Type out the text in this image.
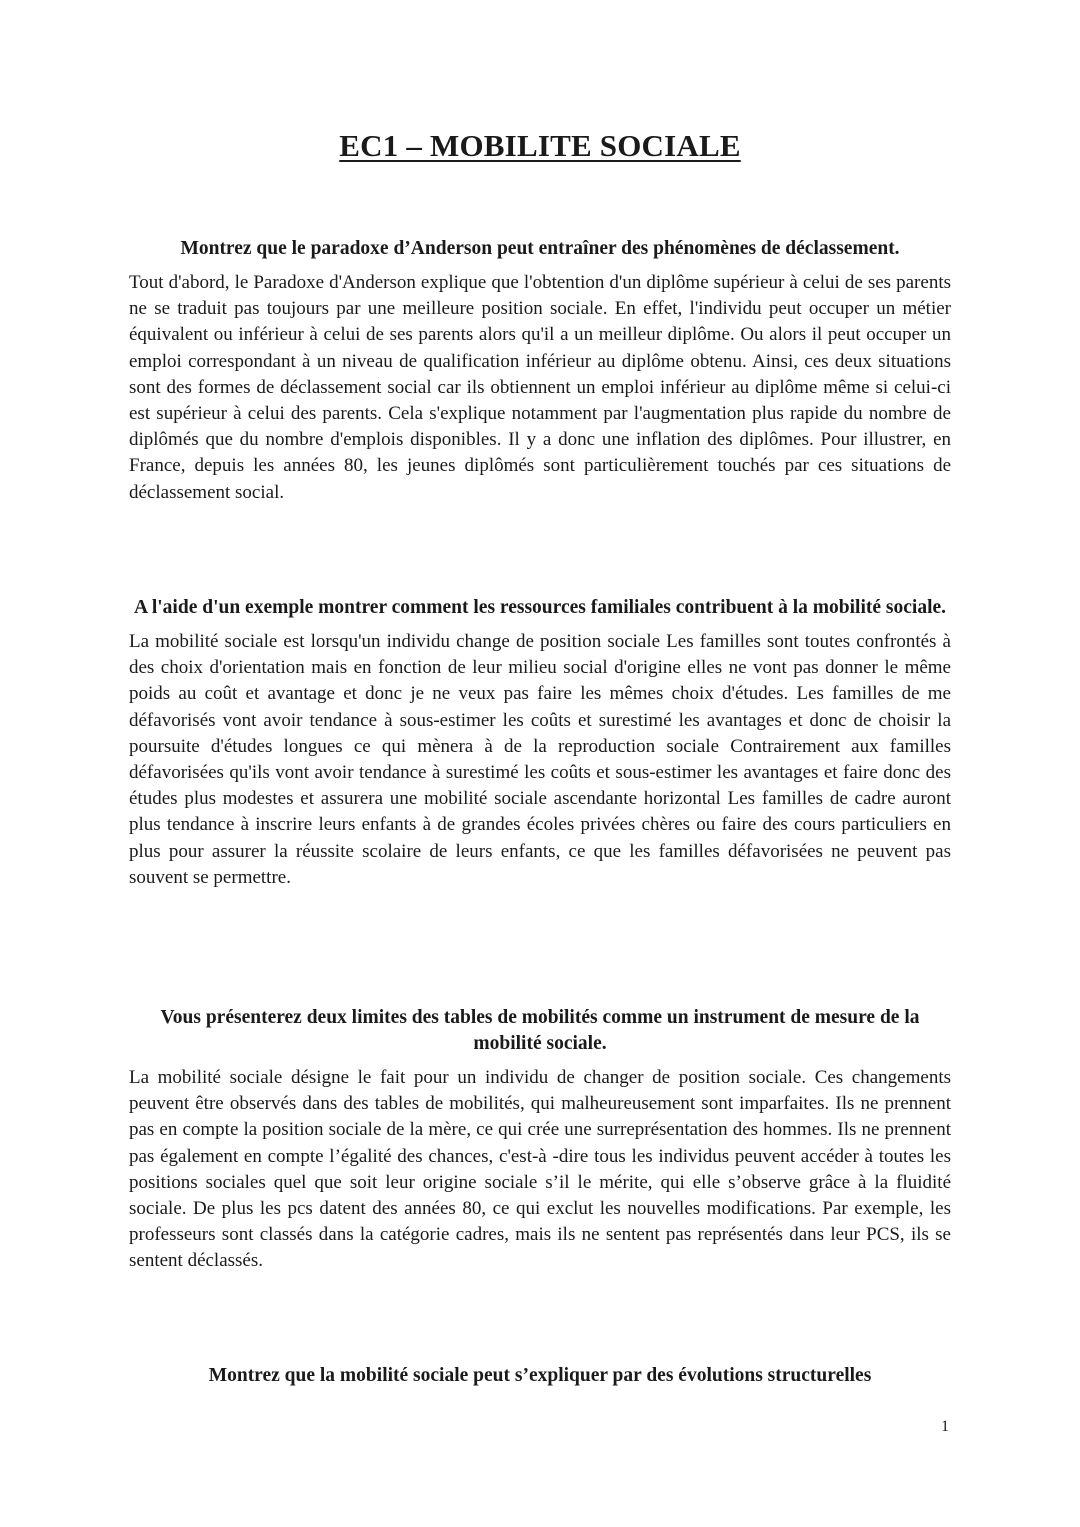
EC1 – MOBILITE SOCIALE

Montrez que le paradoxe d’Anderson peut entraîner des phénomènes de déclassement.

Tout d'abord, le Paradoxe d'Anderson explique que l'obtention d'un diplôme supérieur à celui de ses parents ne se traduit pas toujours par une meilleure position sociale. En effet, l'individu peut occuper un métier équivalent ou inférieur à celui de ses parents alors qu'il a un meilleur diplôme. Ou alors il peut occuper un emploi correspondant à un niveau de qualification inférieur au diplôme obtenu. Ainsi, ces deux situations sont des formes de déclassement social car ils obtiennent un emploi inférieur au diplôme même si celui-ci est supérieur à celui des parents. Cela s'explique notamment par l'augmentation plus rapide du nombre de diplômés que du nombre d'emplois disponibles. Il y a donc une inflation des diplômes. Pour illustrer, en France, depuis les années 80, les jeunes diplômés sont particulièrement touchés par ces situations de déclassement social.

A l'aide d'un exemple montrer comment les ressources familiales contribuent à la mobilité sociale.

La mobilité sociale est lorsqu'un individu change de position sociale Les familles sont toutes confrontés à des choix d'orientation mais en fonction de leur milieu social d'origine elles ne vont pas donner le même poids au coût et avantage et donc je ne veux pas faire les mêmes choix d'études. Les familles de me défavorisés vont avoir tendance à sous-estimer les coûts et surestimé les avantages et donc de choisir la poursuite d'études longues ce qui mènera à de la reproduction sociale Contrairement aux familles défavorisées qu'ils vont avoir tendance à surestimé les coûts et sous-estimer les avantages et faire donc des études plus modestes et assurera une mobilité sociale ascendante horizontal Les familles de cadre auront plus tendance à inscrire leurs enfants à de grandes écoles privées chères ou faire des cours particuliers en plus pour assurer la réussite scolaire de leurs enfants, ce que les familles défavorisées ne peuvent pas souvent se permettre.

Vous présenterez deux limites des tables de mobilités comme un instrument de mesure de la mobilité sociale.

La mobilité sociale désigne le fait pour un individu de changer de position sociale. Ces changements peuvent être observés dans des tables de mobilités, qui malheureusement sont imparfaites. Ils ne prennent pas en compte la position sociale de la mère, ce qui crée une surreprésentation des hommes. Ils ne prennent pas également en compte l’égalité des chances, c'est-à -dire tous les individus peuvent accéder à toutes les positions sociales quel que soit leur origine sociale s’il le mérite, qui elle s’observe grâce à la fluidité sociale. De plus les pcs datent des années 80, ce qui exclut les nouvelles modifications. Par exemple, les professeurs sont classés dans la catégorie cadres, mais ils ne sentent pas représentés dans leur PCS, ils se sentent déclassés.

Montrez que la mobilité sociale peut s’expliquer par des évolutions structurelles

1
